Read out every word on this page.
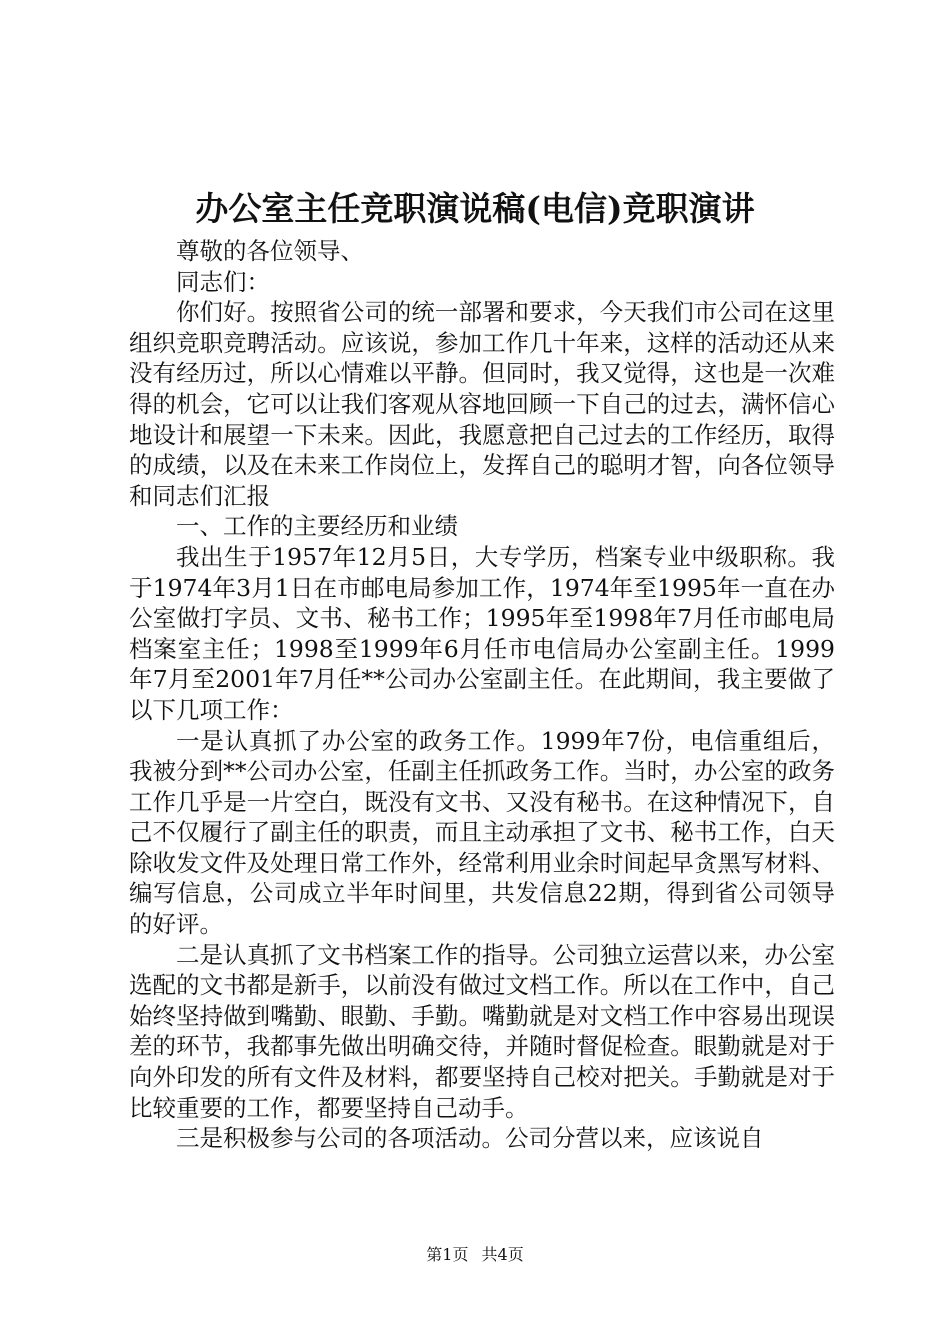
办公室主任竞职演说稿(电信)竞职演讲

尊敬的各位领导、

同志们：

你们好。按照省公司的统一部署和要求，今天我们市公司在这里组织竞职竞聘活动。应该说，参加工作几十年来，这样的活动还从来没有经历过，所以心情难以平静。但同时，我又觉得，这也是一次难得的机会，它可以让我们客观从容地回顾一下自己的过去，满怀信心地设计和展望一下未来。因此，我愿意把自己过去的工作经历，取得的成绩，以及在未来工作岗位上，发挥自己的聪明才智，向各位领导和同志们汇报

一、工作的主要经历和业绩

我出生于1957年12月5日，大专学历，档案专业中级职称。我于1974年3月1日在市邮电局参加工作，1974年至1995年一直在办公室做打字员、文书、秘书工作；1995年至1998年7月任市邮电局档案室主任；1998至1999年6月任市电信局办公室副主任。1999年7月至2001年7月任**公司办公室副主任。在此期间，我主要做了以下几项工作：

一是认真抓了办公室的政务工作。1999年7份，电信重组后，我被分到**公司办公室，任副主任抓政务工作。当时，办公室的政务工作几乎是一片空白，既没有文书、又没有秘书。在这种情况下，自己不仅履行了副主任的职责，而且主动承担了文书、秘书工作，白天除收发文件及处理日常工作外，经常利用业余时间起早贪黑写材料、编写信息，公司成立半年时间里，共发信息22期，得到省公司领导的好评。

二是认真抓了文书档案工作的指导。公司独立运营以来，办公室选配的文书都是新手，以前没有做过文档工作。所以在工作中，自己始终坚持做到嘴勤、眼勤、手勤。嘴勤就是对文档工作中容易出现误差的环节，我都事先做出明确交待，并随时督促检查。眼勤就是对于向外印发的所有文件及材料，都要坚持自己校对把关。手勤就是对于比较重要的工作，都要坚持自己动手。

三是积极参与公司的各项活动。公司分营以来，应该说自

第1页 共4页
